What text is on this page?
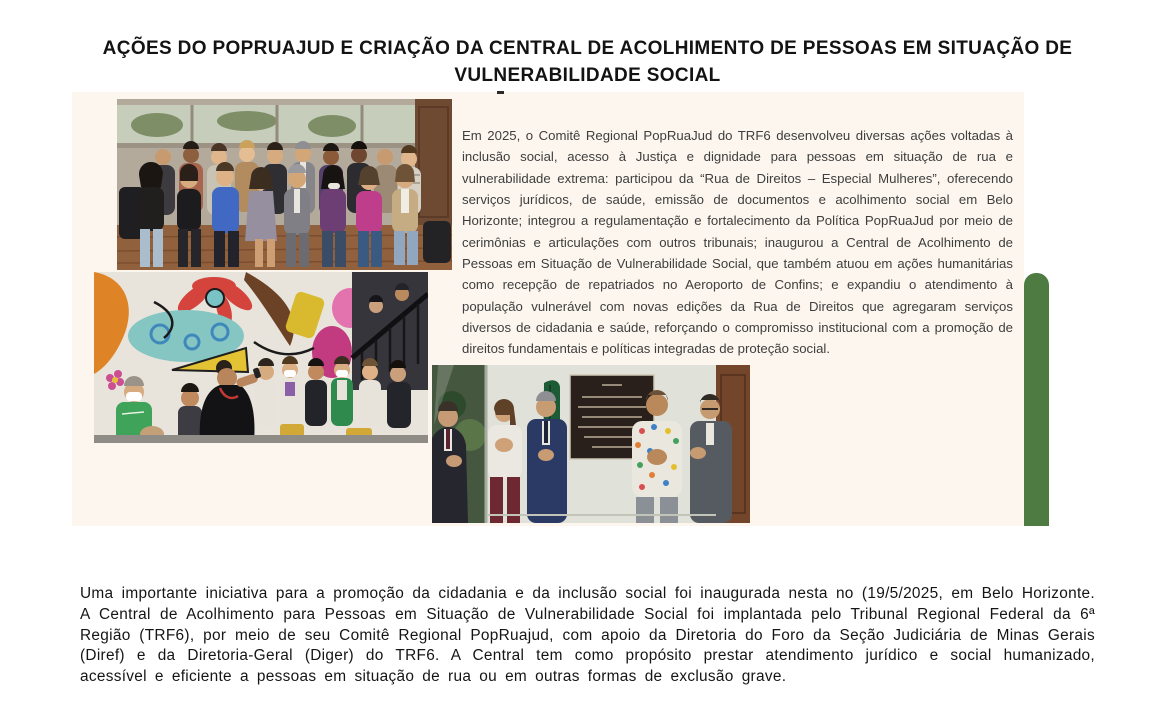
AÇÕES DO POPRUAJUD E CRIAÇÃO DA CENTRAL DE ACOLHIMENTO DE PESSOAS EM SITUAÇÃO DE
VULNERABILIDADE SOCIAL

Em 2025, o Comitê Regional PopRuaJud do TRF6 desenvolveu diversas ações voltadas à inclusão social, acesso à Justiça e dignidade para pessoas em situação de rua e vulnerabilidade extrema: participou da “Rua de Direitos – Especial Mulheres”, oferecendo serviços jurídicos, de saúde, emissão de documentos e acolhimento social em Belo Horizonte; integrou a regulamentação e fortalecimento da Política PopRuaJud por meio de cerimônias e articulações com outros tribunais; inaugurou a Central de Acolhimento de Pessoas em Situação de Vulnerabilidade Social, que também atuou em ações humanitárias como recepção de repatriados no Aeroporto de Confins; e expandiu o atendimento à população vulnerável com novas edições da Rua de Direitos que agregaram serviços diversos de cidadania e saúde, reforçando o compromisso institucional com a promoção de direitos fundamentais e políticas integradas de proteção social.

Uma importante iniciativa para a promoção da cidadania e da inclusão social foi inaugurada nesta no (19/5/2025, em Belo Horizonte. A Central de Acolhimento para Pessoas em Situação de Vulnerabilidade Social foi implantada pelo Tribunal Regional Federal da 6ª Região (TRF6), por meio de seu Comitê Regional PopRuajud, com apoio da Diretoria do Foro da Seção Judiciária de Minas Gerais (Diref) e da Diretoria-Geral (Diger) do TRF6. A Central tem como propósito prestar atendimento jurídico e social humanizado, acessível e eficiente a pessoas em situação de rua ou em outras formas de exclusão grave.
